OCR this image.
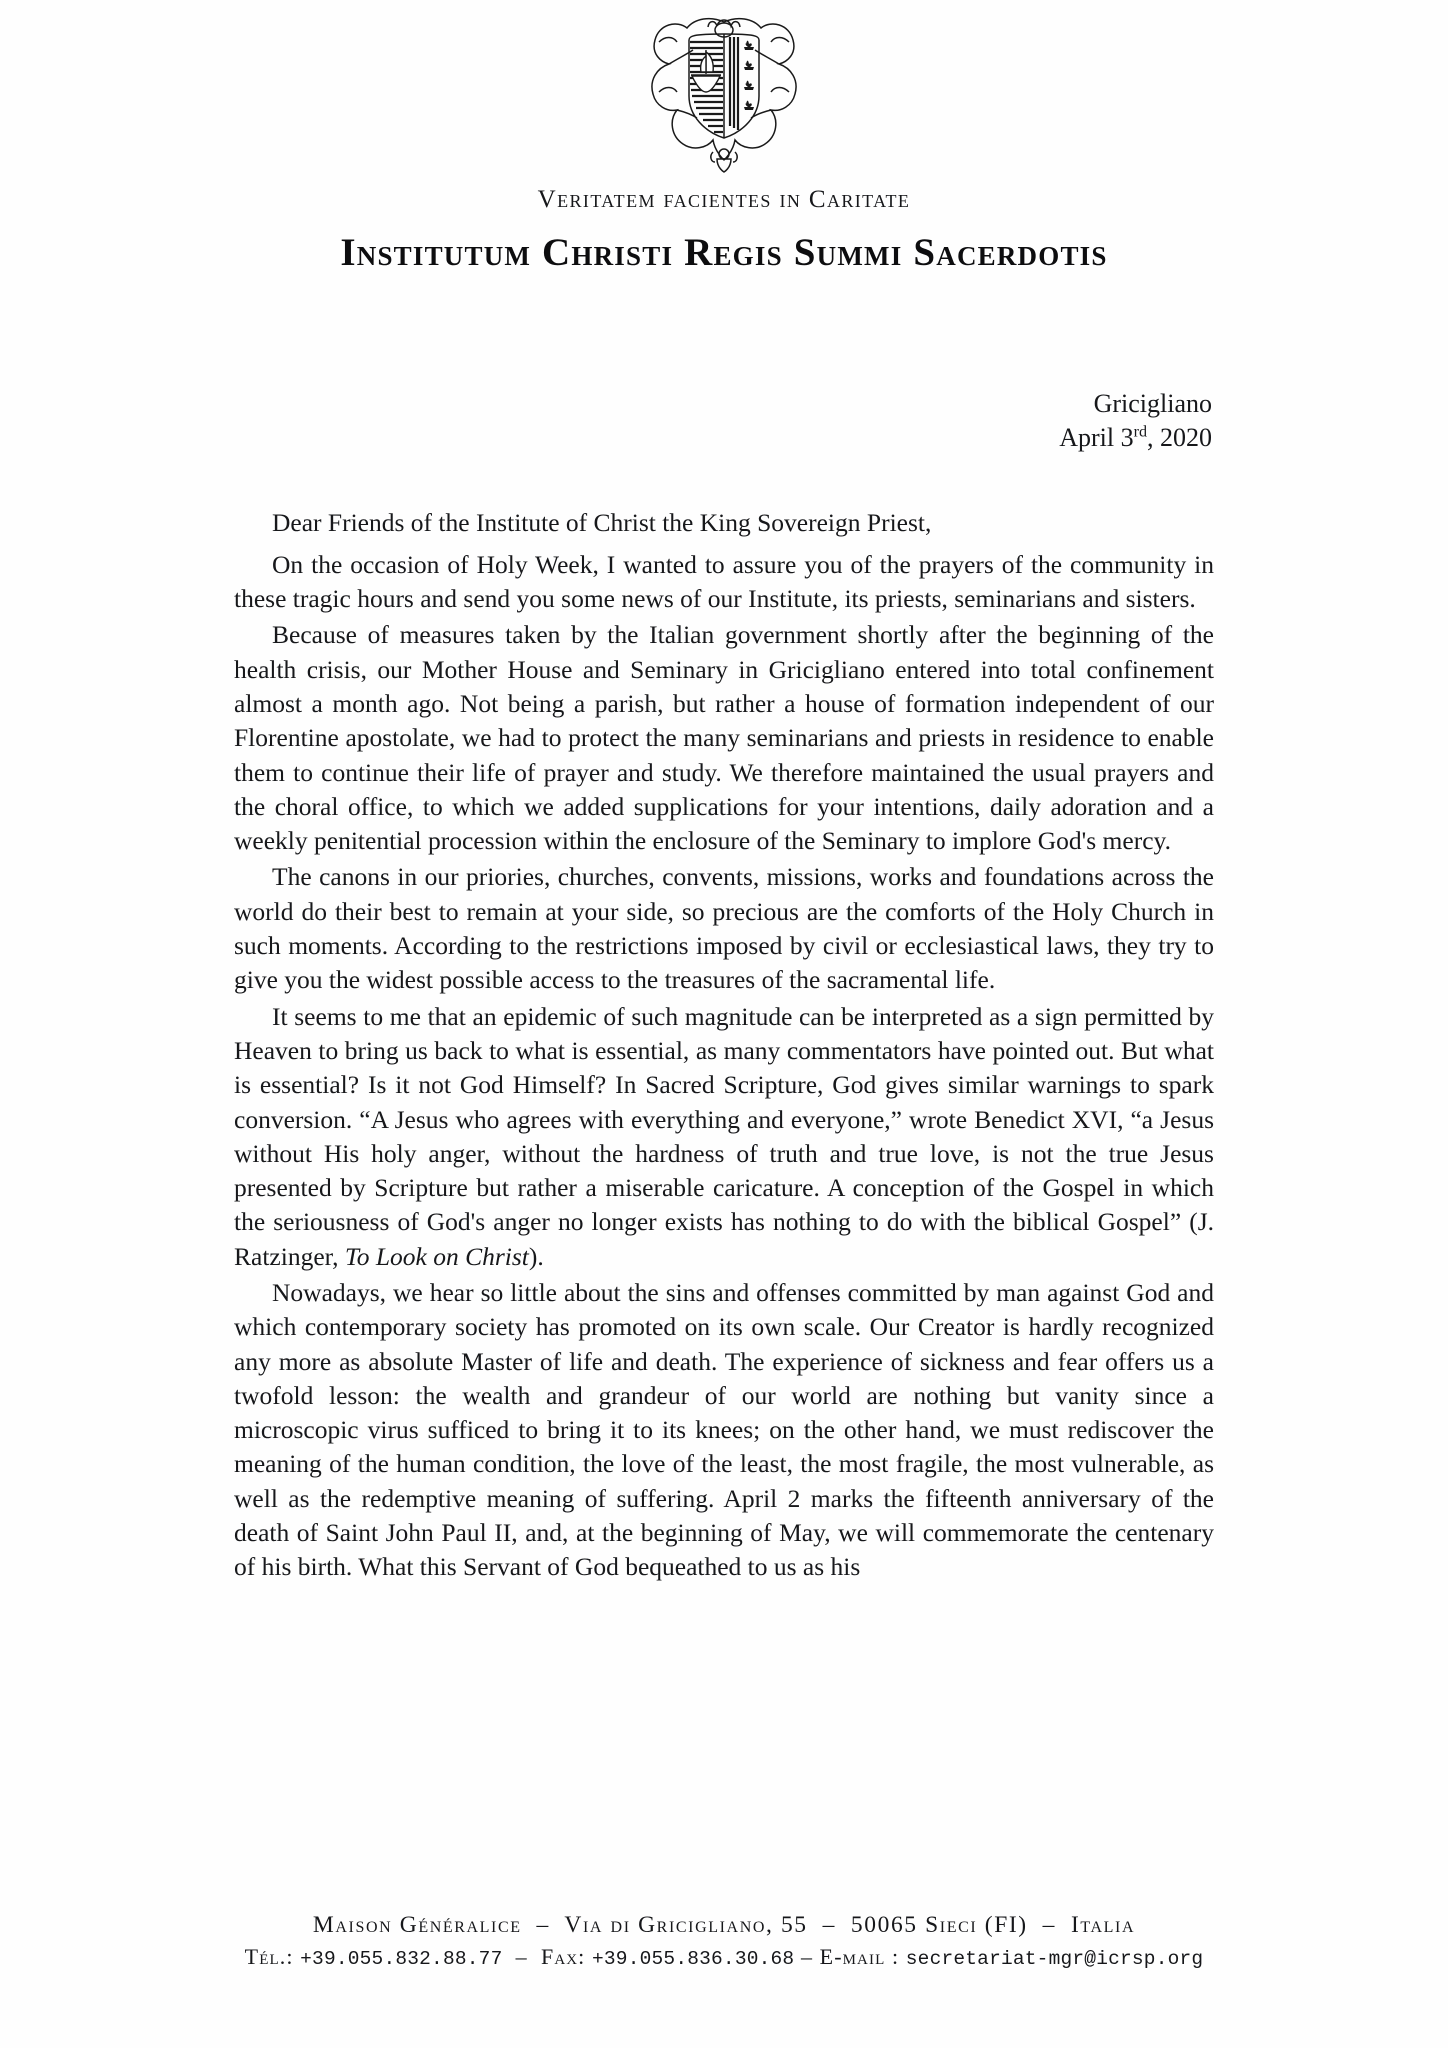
Veritatem facientes in Caritate
Institutum Christi Regis Summi Sacerdotis
Gricigliano
April 3rd, 2020

Dear Friends of the Institute of Christ the King Sovereign Priest,

On the occasion of Holy Week, I wanted to assure you of the prayers of the community in these tragic hours and send you some news of our Institute, its priests, seminarians and sisters.

Because of measures taken by the Italian government shortly after the beginning of the health crisis, our Mother House and Seminary in Gricigliano entered into total confinement almost a month ago. Not being a parish, but rather a house of formation independent of our Florentine apostolate, we had to protect the many seminarians and priests in residence to enable them to continue their life of prayer and study. We therefore maintained the usual prayers and the choral office, to which we added supplications for your intentions, daily adoration and a weekly penitential procession within the enclosure of the Seminary to implore God's mercy.

The canons in our priories, churches, convents, missions, works and foundations across the world do their best to remain at your side, so precious are the comforts of the Holy Church in such moments. According to the restrictions imposed by civil or ecclesiastical laws, they try to give you the widest possible access to the treasures of the sacramental life.

It seems to me that an epidemic of such magnitude can be interpreted as a sign permitted by Heaven to bring us back to what is essential, as many commentators have pointed out. But what is essential? Is it not God Himself? In Sacred Scripture, God gives similar warnings to spark conversion. “A Jesus who agrees with everything and everyone,” wrote Benedict XVI, “a Jesus without His holy anger, without the hardness of truth and true love, is not the true Jesus presented by Scripture but rather a miserable caricature. A conception of the Gospel in which the seriousness of God's anger no longer exists has nothing to do with the biblical Gospel” (J. Ratzinger, To Look on Christ).

Nowadays, we hear so little about the sins and offenses committed by man against God and which contemporary society has promoted on its own scale. Our Creator is hardly recognized any more as absolute Master of life and death. The experience of sickness and fear offers us a twofold lesson: the wealth and grandeur of our world are nothing but vanity since a microscopic virus sufficed to bring it to its knees; on the other hand, we must rediscover the meaning of the human condition, the love of the least, the most fragile, the most vulnerable, as well as the redemptive meaning of suffering. April 2 marks the fifteenth anniversary of the death of Saint John Paul II, and, at the beginning of May, we will commemorate the centenary of his birth. What this Servant of God bequeathed to us as his

Maison Généralice  –  Via di Gricigliano, 55  –  50065 Sieci (FI)  –  Italia
Tél.: +39.055.832.88.77  –  Fax: +39.055.836.30.68 – E-mail : secretariat-mgr@icrsp.org
